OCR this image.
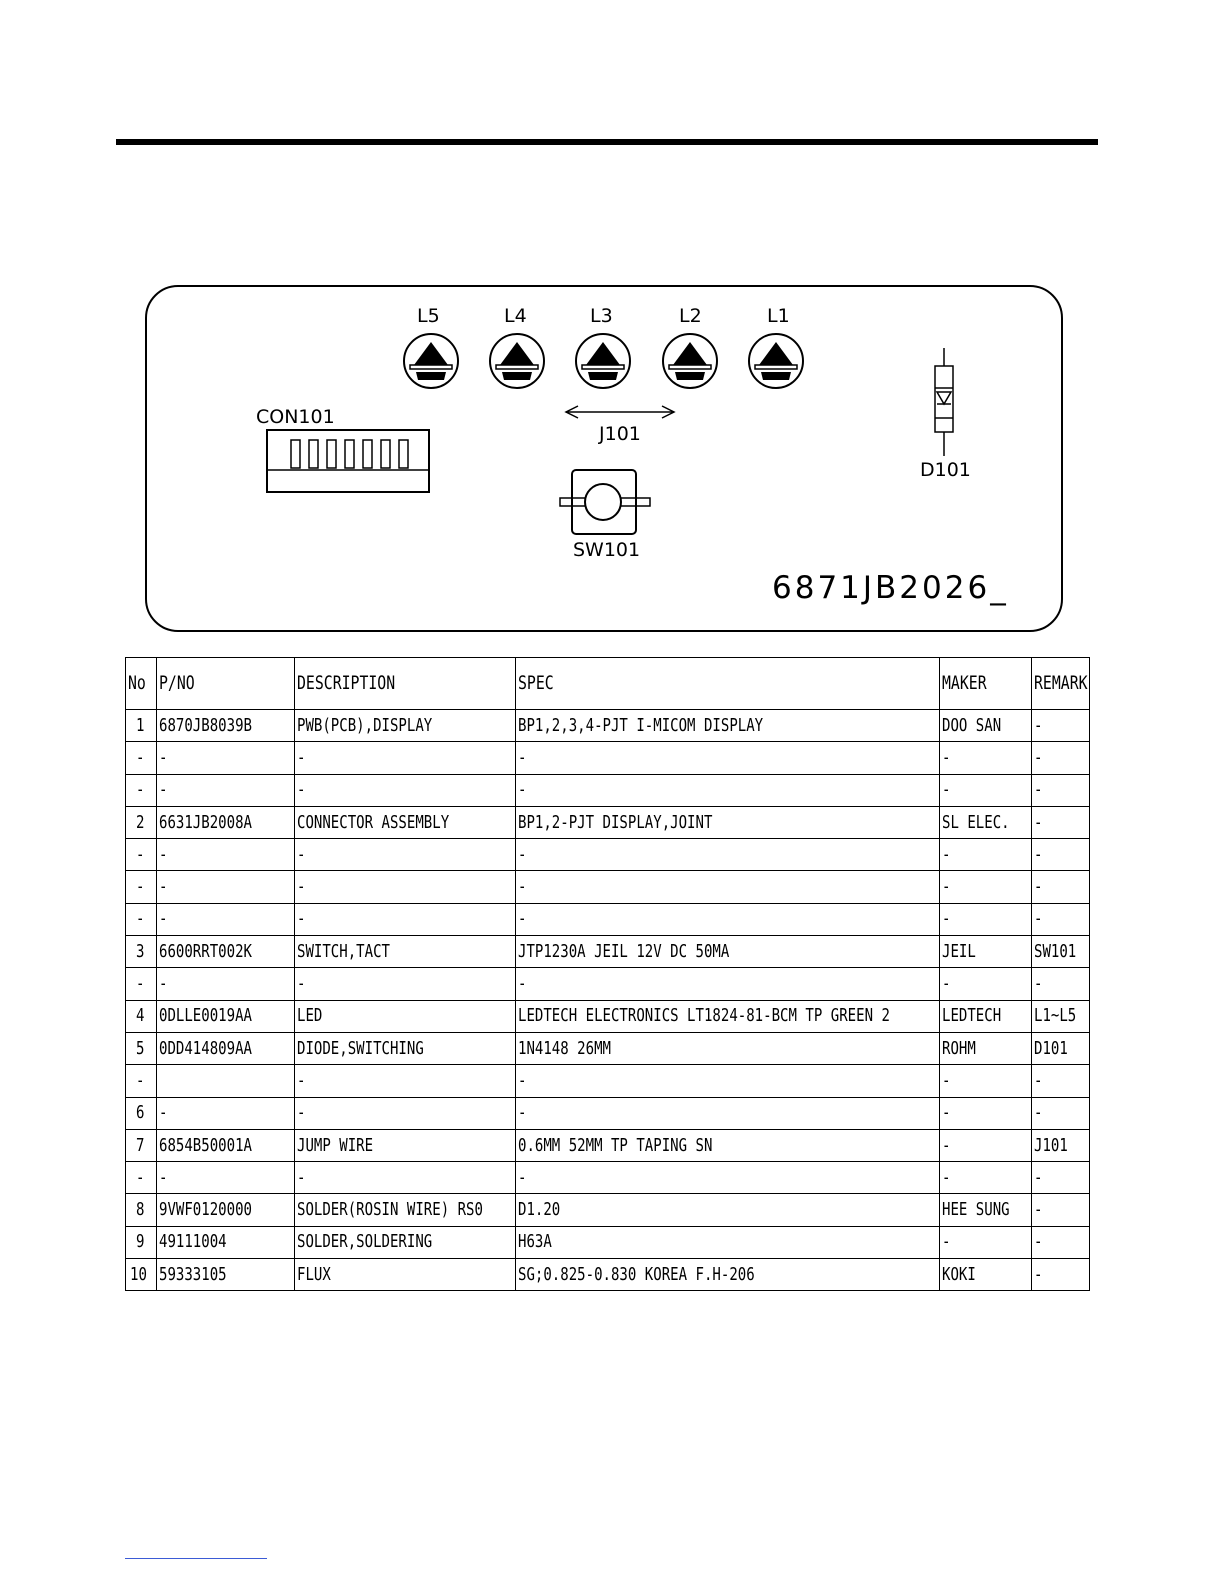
L5	L4	L3	L2	L1
CON101
J101
SW101
D101
6871JB2026_
No	P/NO	DESCRIPTION	SPEC	MAKER	REMARK
1	6870JB8039B	PWB(PCB),DISPLAY	BP1,2,3,4-PJT I-MICOM DISPLAY	DOO SAN	-
-	-	-	-	-	-
-	-	-	-	-	-
2	6631JB2008A	CONNECTOR ASSEMBLY	BP1,2-PJT DISPLAY,JOINT	SL ELEC.	-
-	-	-	-	-	-
-	-	-	-	-	-
-	-	-	-	-	-
3	6600RRT002K	SWITCH,TACT	JTP1230A JEIL 12V DC 50MA	JEIL	SW101
-	-	-	-	-	-
4	0DLLE0019AA	LED	LEDTECH ELECTRONICS LT1824-81-BCM TP GREEN 2	LEDTECH	L1~L5
5	0DD414809AA	DIODE,SWITCHING	1N4148 26MM	ROHM	D101
-		-	-	-	-
6	-	-	-	-	-
7	6854B50001A	JUMP WIRE	0.6MM 52MM TP TAPING SN	-	J101
-	-	-	-	-	-
8	9VWF0120000	SOLDER(ROSIN WIRE) RS0	D1.20	HEE SUNG	-
9	49111004	SOLDER,SOLDERING	H63A	-	-
10	59333105	FLUX	SG;0.825-0.830 KOREA F.H-206	KOKI	-
